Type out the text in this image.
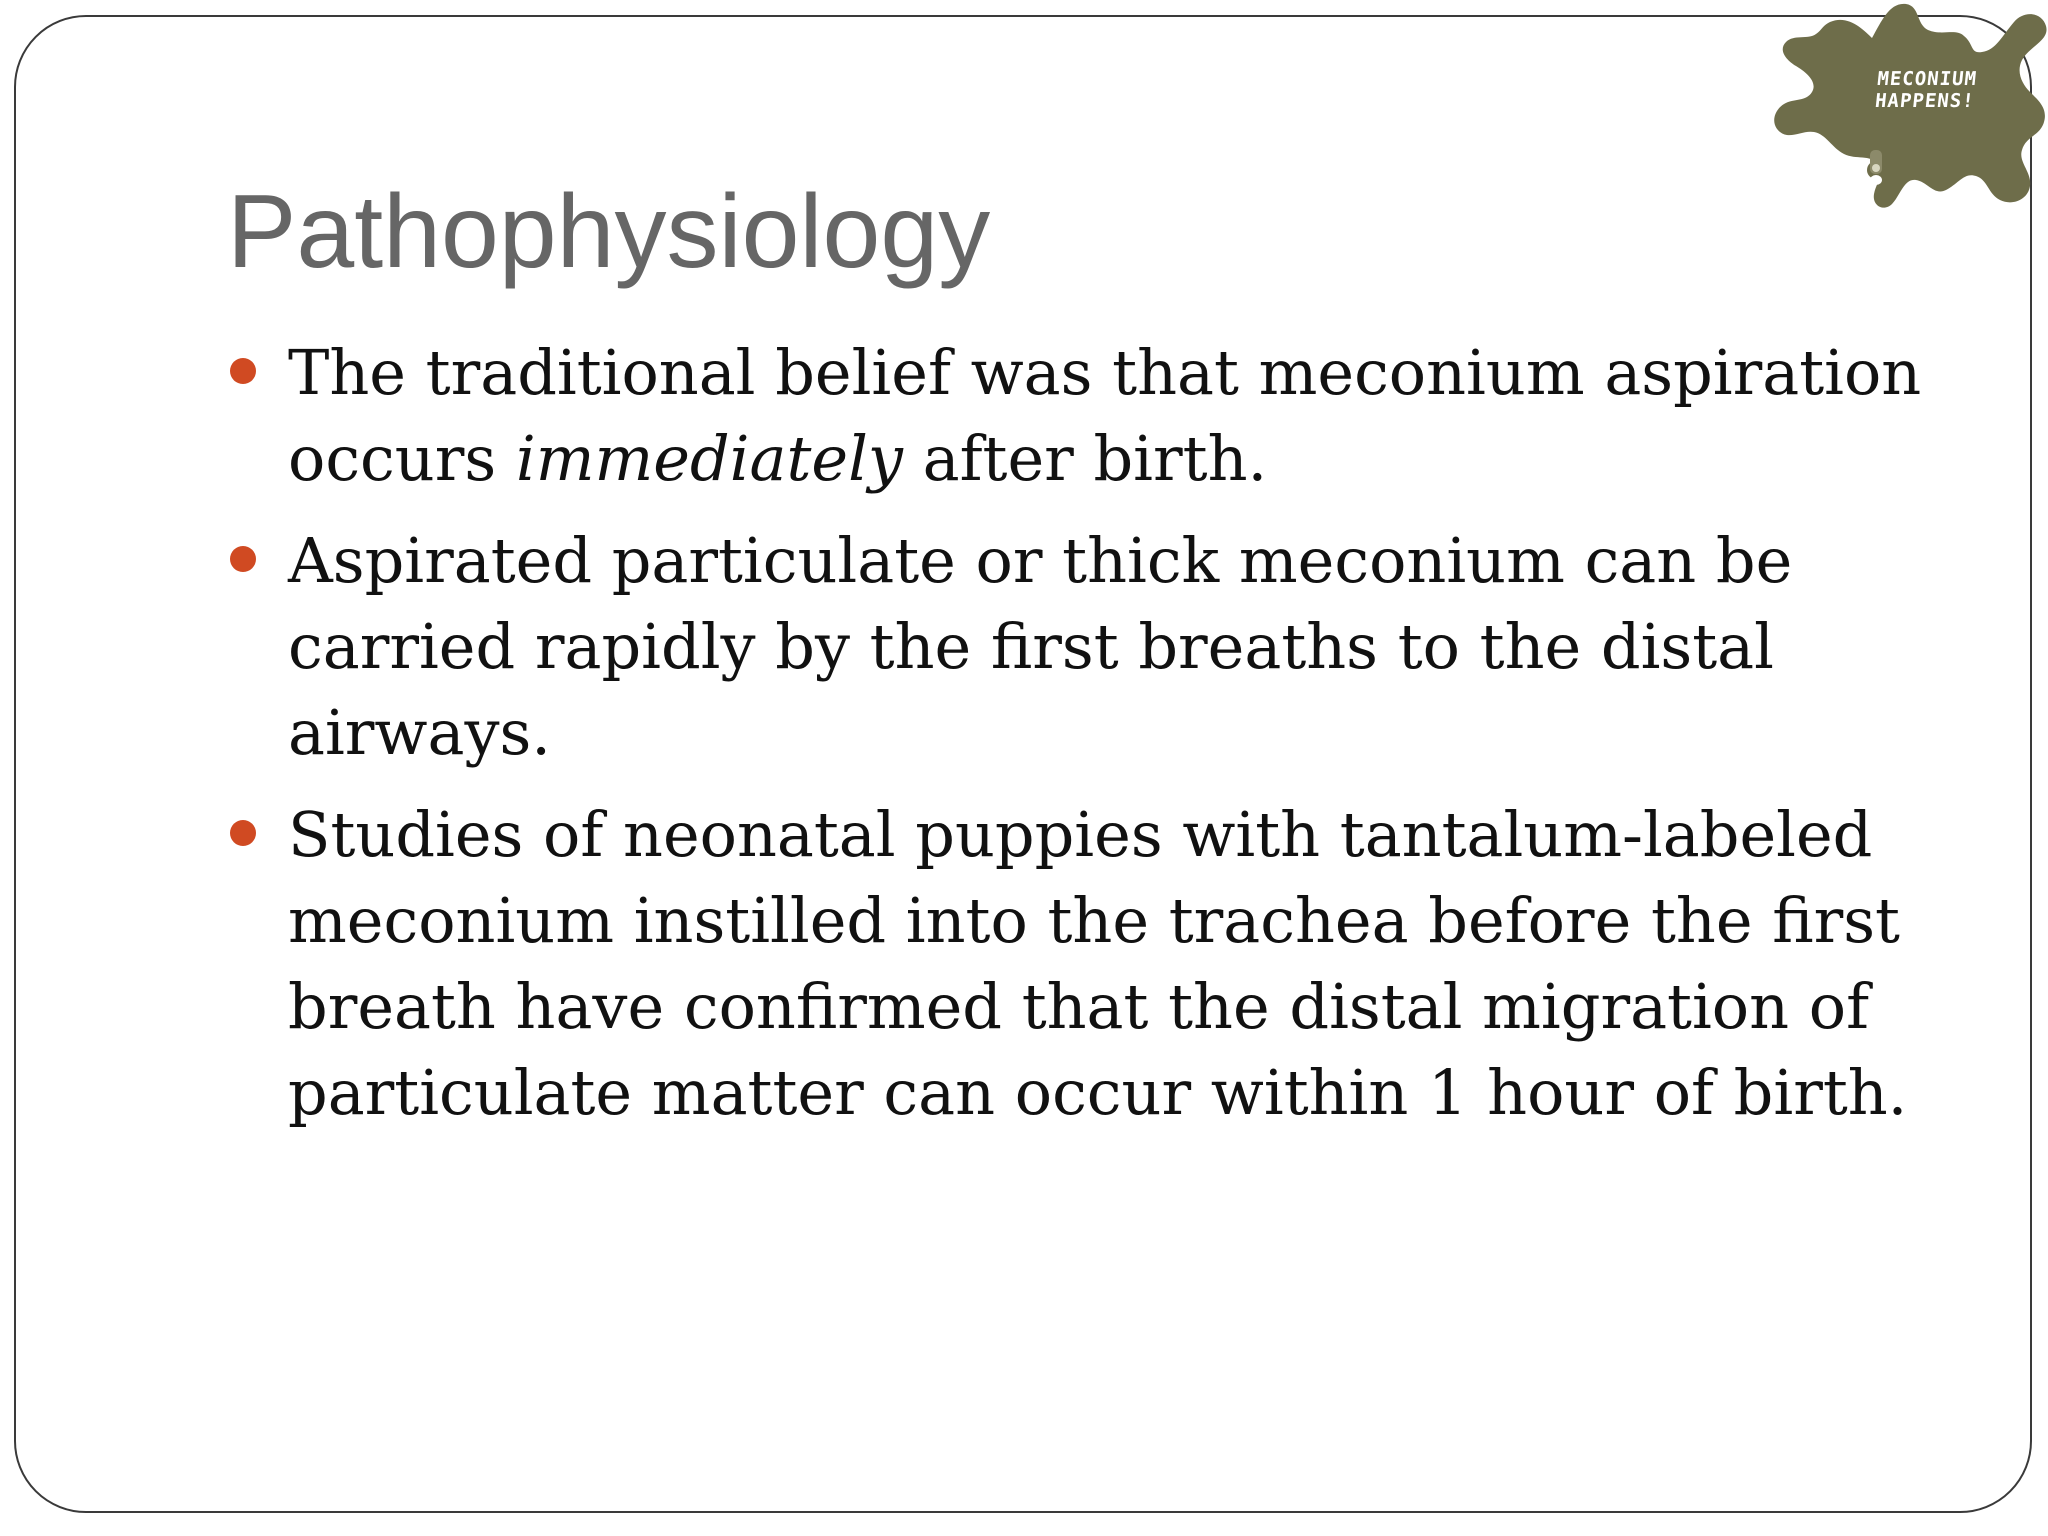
MECONIUM
HAPPENS!
Pathophysiology
The traditional belief was that meconium aspiration occurs immediately after birth.
Aspirated particulate or thick meconium can be carried rapidly by the first breaths to the distal airways.
Studies of neonatal puppies with tantalum-labeled meconium instilled into the trachea before the first breath have confirmed that the distal migration of particulate matter can occur within 1 hour of birth.
